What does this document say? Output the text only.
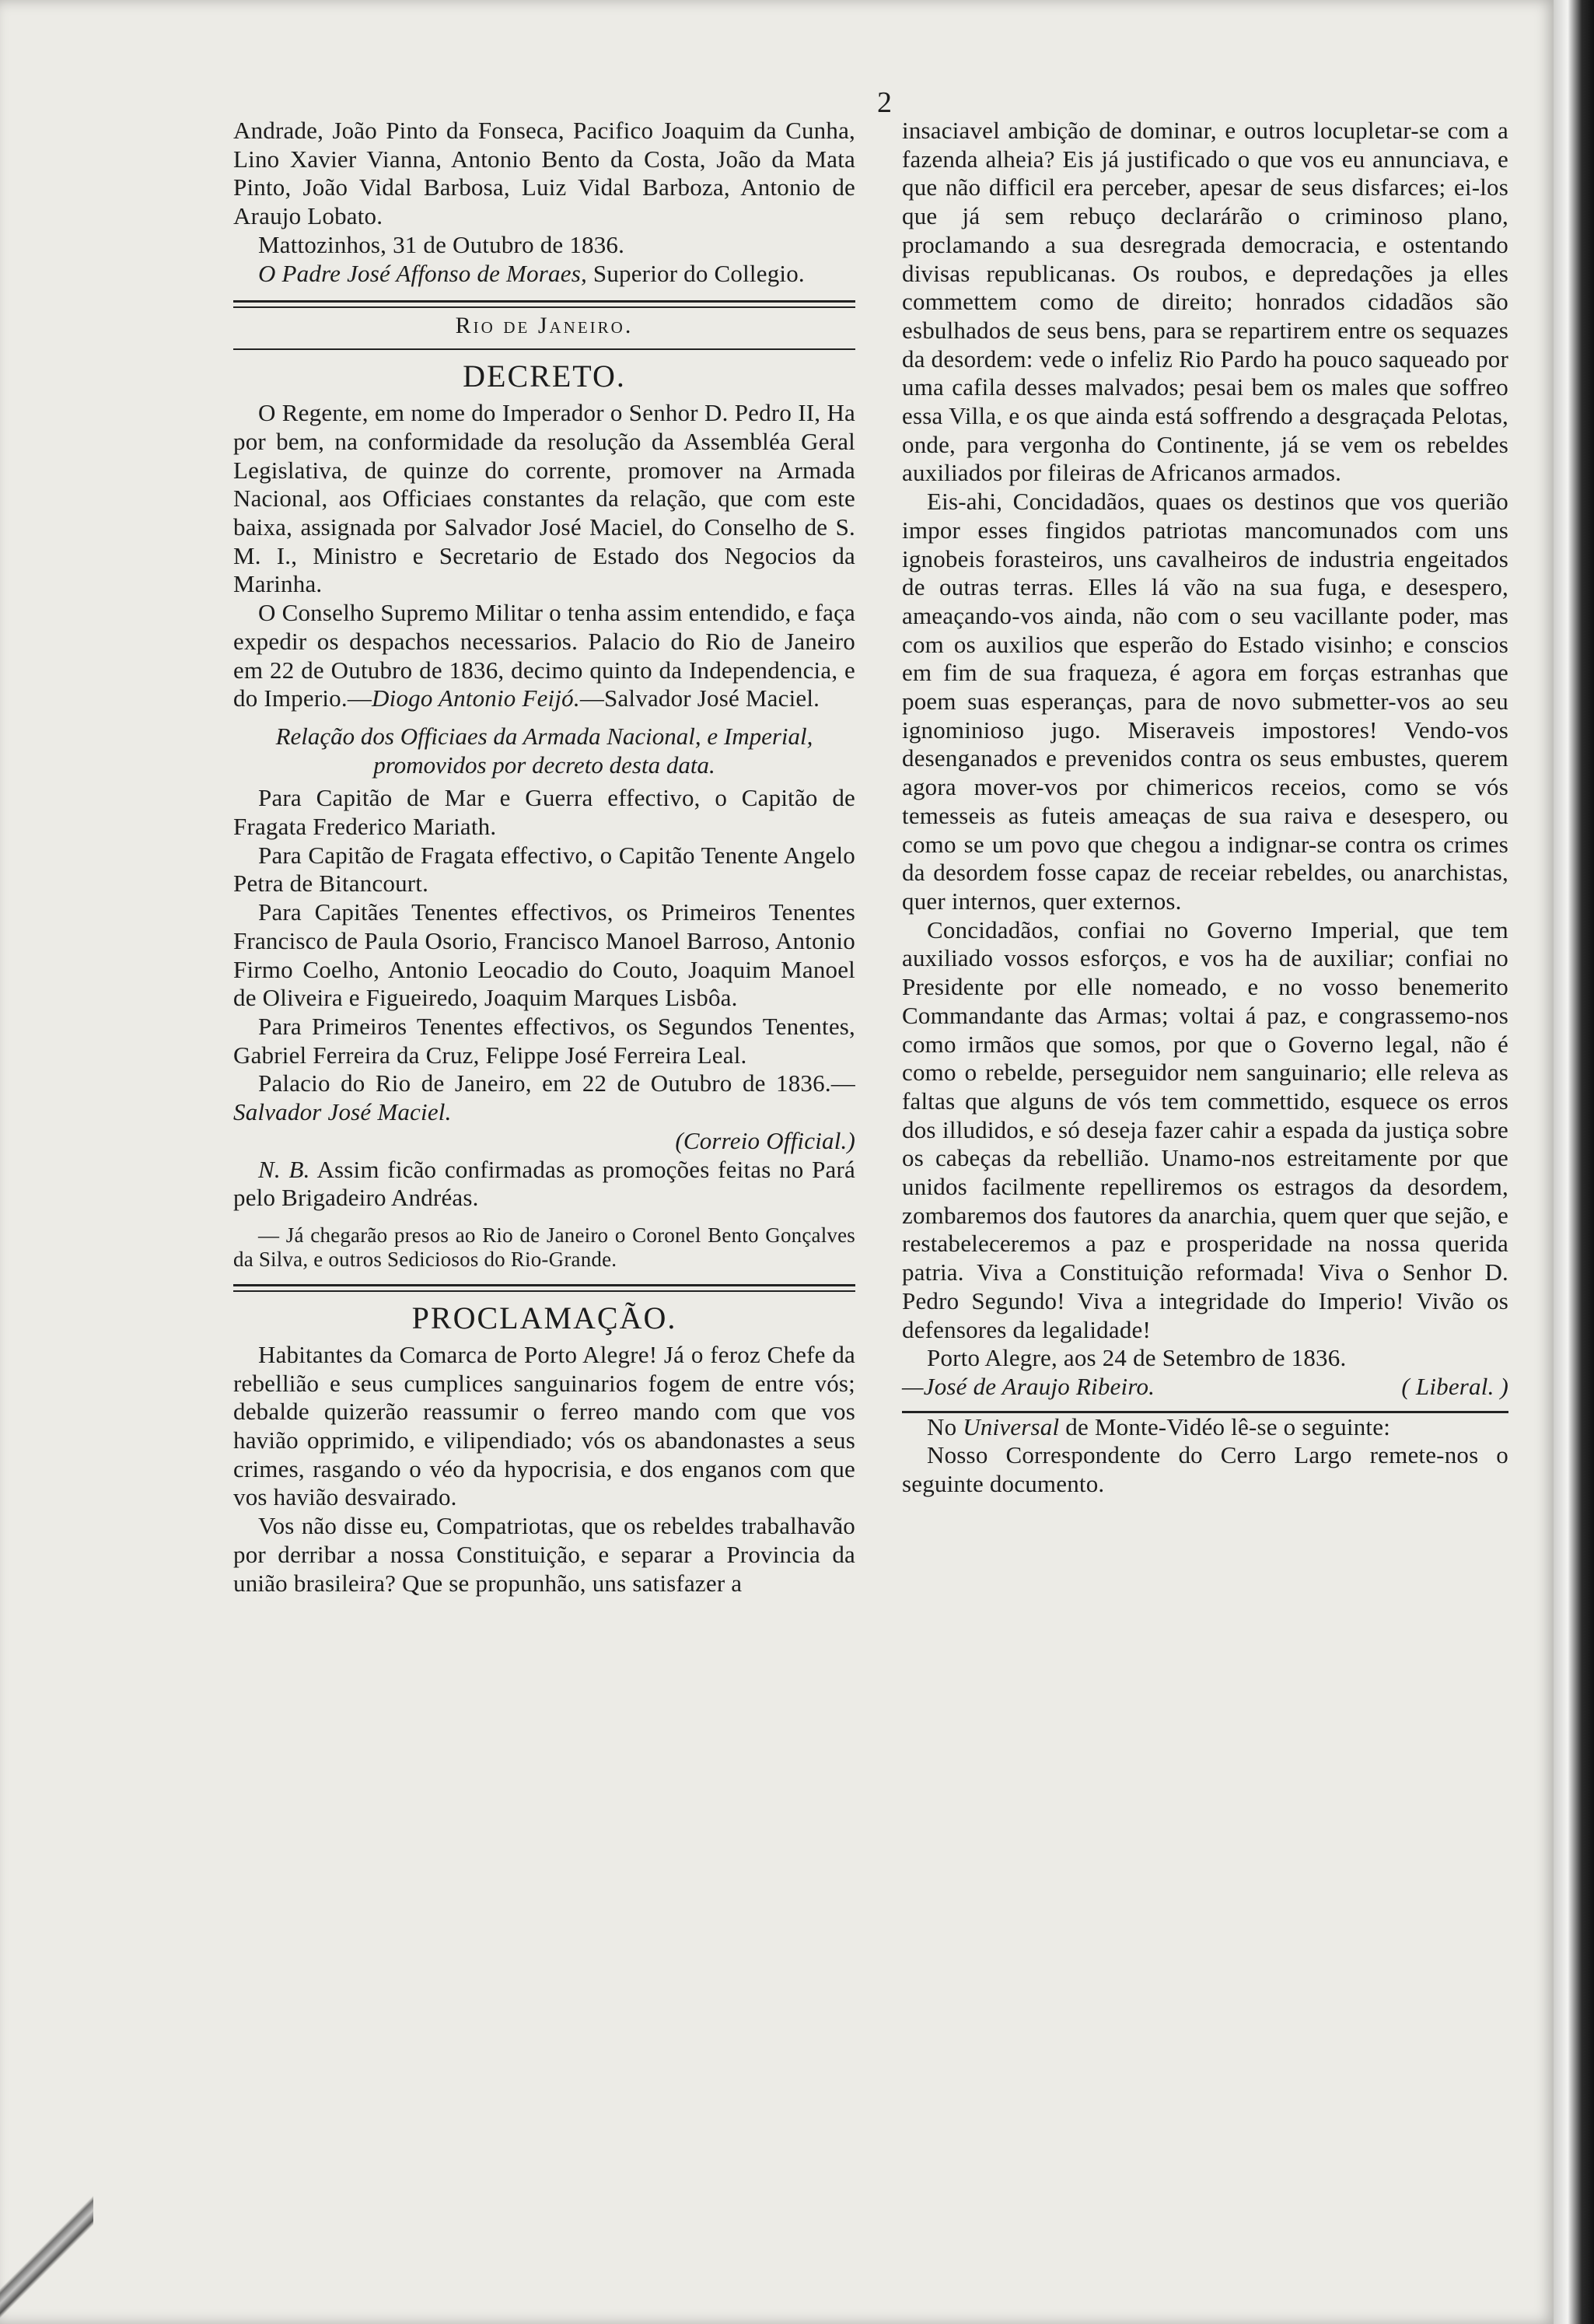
2

Andrade, João Pinto da Fonseca, Pacifico Joaquim da Cunha, Lino Xavier Vianna, Antonio Bento da Costa, João da Mata Pinto, João Vidal Barbosa, Luiz Vidal Barboza, Antonio de Araujo Lobato.

Mattozinhos, 31 de Outubro de 1836.

O Padre José Affonso de Moraes, Superior do Collegio.

Rio de Janeiro.
DECRETO.

O Regente, em nome do Imperador o Senhor D. Pedro II, Ha por bem, na conformidade da resolução da Assembléa Geral Legislativa, de quinze do corrente, promover na Armada Nacional, aos Officiaes constantes da relação, que com este baixa, assignada por Salvador José Maciel, do Conselho de S. M. I., Ministro e Secretario de Estado dos Negocios da Marinha.

O Conselho Supremo Militar o tenha assim entendido, e faça expedir os despachos necessarios. Palacio do Rio de Janeiro em 22 de Outubro de 1836, decimo quinto da Independencia, e do Imperio.—Diogo Antonio Feijó.—Salvador José Maciel.

Relação dos Officiaes da Armada Nacional, e Imperial, promovidos por decreto desta data.

Para Capitão de Mar e Guerra effectivo, o Capitão de Fragata Frederico Mariath.

Para Capitão de Fragata effectivo, o Capitão Tenente Angelo Petra de Bitancourt.

Para Capitães Tenentes effectivos, os Primeiros Tenentes Francisco de Paula Osorio, Francisco Manoel Barroso, Antonio Firmo Coelho, Antonio Leocadio do Couto, Joaquim Manoel de Oliveira e Figueiredo, Joaquim Marques Lisbôa.

Para Primeiros Tenentes effectivos, os Segundos Tenentes, Gabriel Ferreira da Cruz, Felippe José Ferreira Leal.

Palacio do Rio de Janeiro, em 22 de Outubro de 1836.—Salvador José Maciel.

(Correio Official.)

N. B. Assim ficão confirmadas as promoções feitas no Pará pelo Brigadeiro Andréas.

— Já chegarão presos ao Rio de Janeiro o Coronel Bento Gonçalves da Silva, e outros Sediciosos do Rio-Grande.

PROCLAMAÇÃO.

Habitantes da Comarca de Porto Alegre! Já o feroz Chefe da rebellião e seus cumplices sanguinarios fogem de entre vós; debalde quizerão reassumir o ferreo mando com que vos havião opprimido, e vilipendiado; vós os abandonastes a seus crimes, rasgando o véo da hypocrisia, e dos enganos com que vos havião desvairado.

Vos não disse eu, Compatriotas, que os rebeldes trabalhavão por derribar a nossa Constituição, e separar a Provincia da união brasileira? Que se propunhão, uns satisfazer a

insaciavel ambição de dominar, e outros locupletar-se com a fazenda alheia? Eis já justificado o que vos eu annunciava, e que não difficil era perceber, apesar de seus disfarces; ei-los que já sem rebuço declarárão o criminoso plano, proclamando a sua desregrada democracia, e ostentando divisas republicanas. Os roubos, e depredações ja elles commettem como de direito; honrados cidadãos são esbulhados de seus bens, para se repartirem entre os sequazes da desordem: vede o infeliz Rio Pardo ha pouco saqueado por uma cafila desses malvados; pesai bem os males que soffreo essa Villa, e os que ainda está soffrendo a desgraçada Pelotas, onde, para vergonha do Continente, já se vem os rebeldes auxiliados por fileiras de Africanos armados.

Eis-ahi, Concidadãos, quaes os destinos que vos querião impor esses fingidos patriotas mancomunados com uns ignobeis forasteiros, uns cavalheiros de industria engeitados de outras terras. Elles lá vão na sua fuga, e desespero, ameaçando-vos ainda, não com o seu vacillante poder, mas com os auxilios que esperão do Estado visinho; e conscios em fim de sua fraqueza, é agora em forças estranhas que poem suas esperanças, para de novo submetter-vos ao seu ignominioso jugo. Miseraveis impostores! Vendo-vos desenganados e prevenidos contra os seus embustes, querem agora mover-vos por chimericos receios, como se vós temesseis as futeis ameaças de sua raiva e desespero, ou como se um povo que chegou a indignar-se contra os crimes da desordem fosse capaz de receiar rebeldes, ou anarchistas, quer internos, quer externos.

Concidadãos, confiai no Governo Imperial, que tem auxiliado vossos esforços, e vos ha de auxiliar; confiai no Presidente por elle nomeado, e no vosso benemerito Commandante das Armas; voltai á paz, e congrassemo-nos como irmãos que somos, por que o Governo legal, não é como o rebelde, perseguidor nem sanguinario; elle releva as faltas que alguns de vós tem commettido, esquece os erros dos illudidos, e só deseja fazer cahir a espada da justiça sobre os cabeças da rebellião. Unamo-nos estreitamente por que unidos facilmente repelliremos os estragos da desordem, zombaremos dos fautores da anarchia, quem quer que sejão, e restabeleceremos a paz e prosperidade na nossa querida patria. Viva a Constituição reformada! Viva o Senhor D. Pedro Segundo! Viva a integridade do Imperio! Vivão os defensores da legalidade!

Porto Alegre, aos 24 de Setembro de 1836.

—José de Araujo Ribeiro.	( Liberal. )

No Universal de Monte-Vidéo lê-se o seguinte:

Nosso Correspondente do Cerro Largo remete-nos o seguinte documento.
